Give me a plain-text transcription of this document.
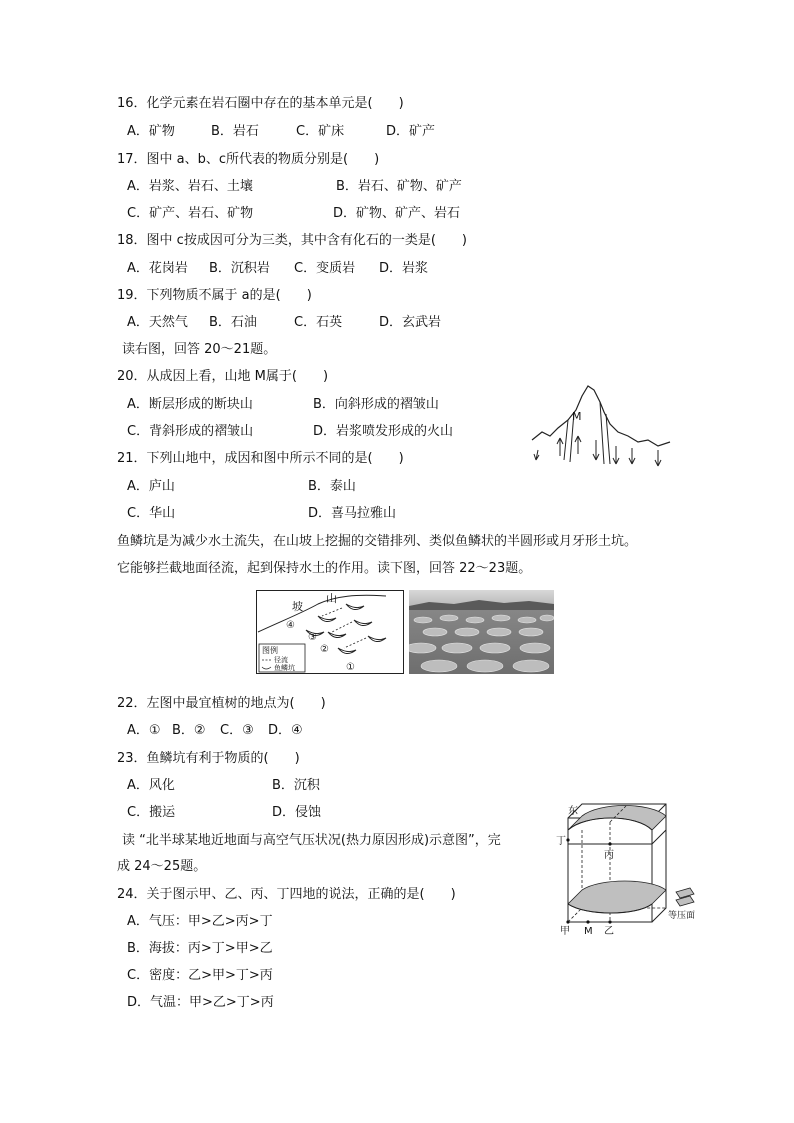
16．化学元素在岩石圈中存在的基本单元是(　　)
A．矿物	B．岩石	C．矿床	D．矿产
17．图中 a、b、c所代表的物质分别是(　　)
A．岩浆、岩石、土壤	B．岩石、矿物、矿产
C．矿产、岩石、矿物	D．矿物、矿产、岩石
18．图中 c按成因可分为三类，其中含有化石的一类是(　　)
A．花岗岩 B．沉积岩 C．变质岩 D．岩浆
19．下列物质不属于 a的是(　　)
A．天然气 B．石油	C．石英	D．玄武岩
读右图，回答 20～21题。
20．从成因上看，山地 M属于(　　)
A．断层形成的断块山	B．向斜形成的褶皱山
C．背斜形成的褶皱山	D．岩浆喷发形成的火山
M
21．下列山地中，成因和图中所示不同的是(　　)
A．庐山	B．泰山
C．华山	D．喜马拉雅山
鱼鳞坑是为减少水土流失，在山坡上挖掘的交错排列、类似鱼鳞状的半圆形或月牙形土坑。
它能够拦截地面径流，起到保持水土的作用。读下图，回答 22～23题。
坡
山
④
③
②
①
图例
径流
鱼鳞坑
22．左图中最宜植树的地点为(　　)
A．① B．② C．③ D．④
23．鱼鳞坑有利于物质的(　　)
A．风化	B．沉积
C．搬运	D．侵蚀
读 “北半球某地近地面与高空气压状况(热力原因形成)示意图”，完
成 24～25题。
东
丁
丙
甲 M 乙
等压面
24．关于图示甲、乙、丙、丁四地的说法，正确的是(　　)
A．气压：甲>乙>丙>丁
B．海拔：丙>丁>甲>乙
C．密度：乙>甲>丁>丙
D．气温：甲>乙>丁>丙
